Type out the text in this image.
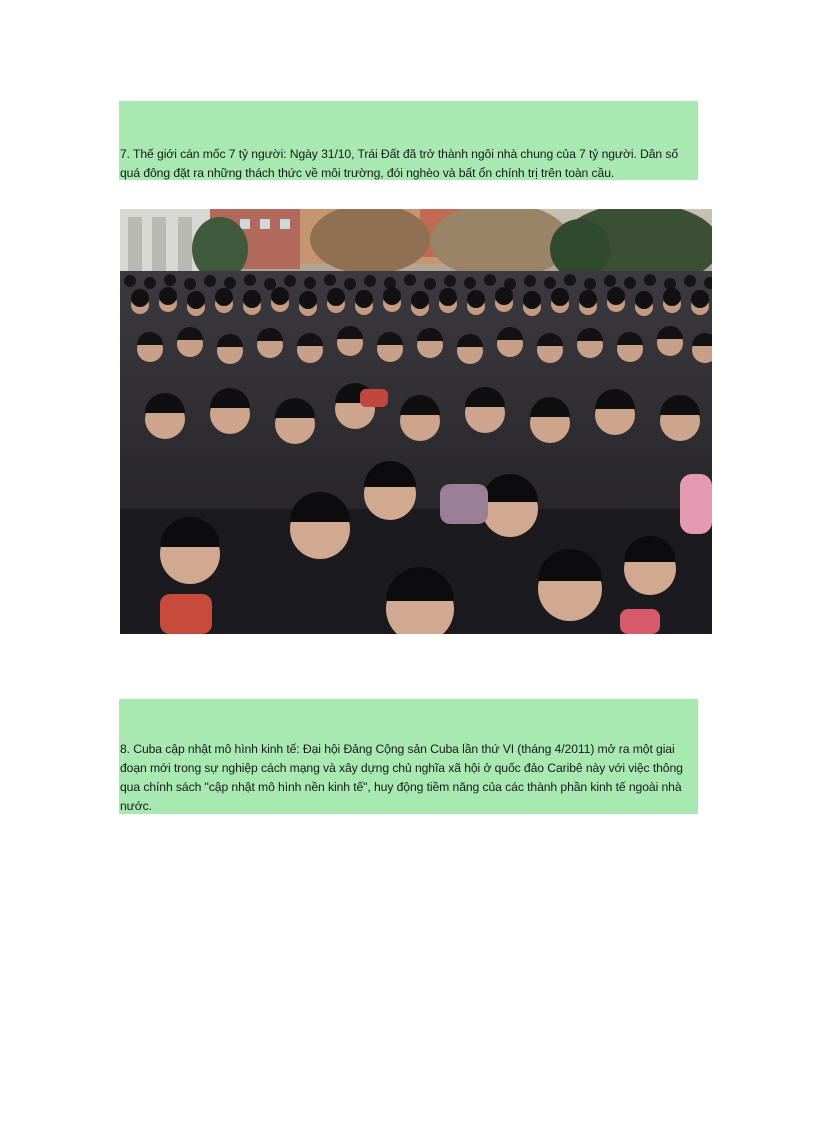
7. Thế giới cán mốc 7 tỷ người: Ngày 31/10, Trái Đất đã trở thành ngôi nhà chung của 7 tỷ người. Dân số quá đông đặt ra những thách thức về môi trường, đói nghèo và bất ổn chính trị trên toàn cầu.
8. Cuba cập nhật mô hình kinh tế: Đại hội Đảng Cộng sản Cuba lần thứ VI (tháng 4/2011) mở ra một giai đoạn mới trong sự nghiệp cách mạng và xây dựng chủ nghĩa xã hội ở quốc đảo Caribê này với việc thông qua chính sách "cập nhật mô hình nền kinh tế", huy động tiềm năng của các thành phần kinh tế ngoài nhà nước.
